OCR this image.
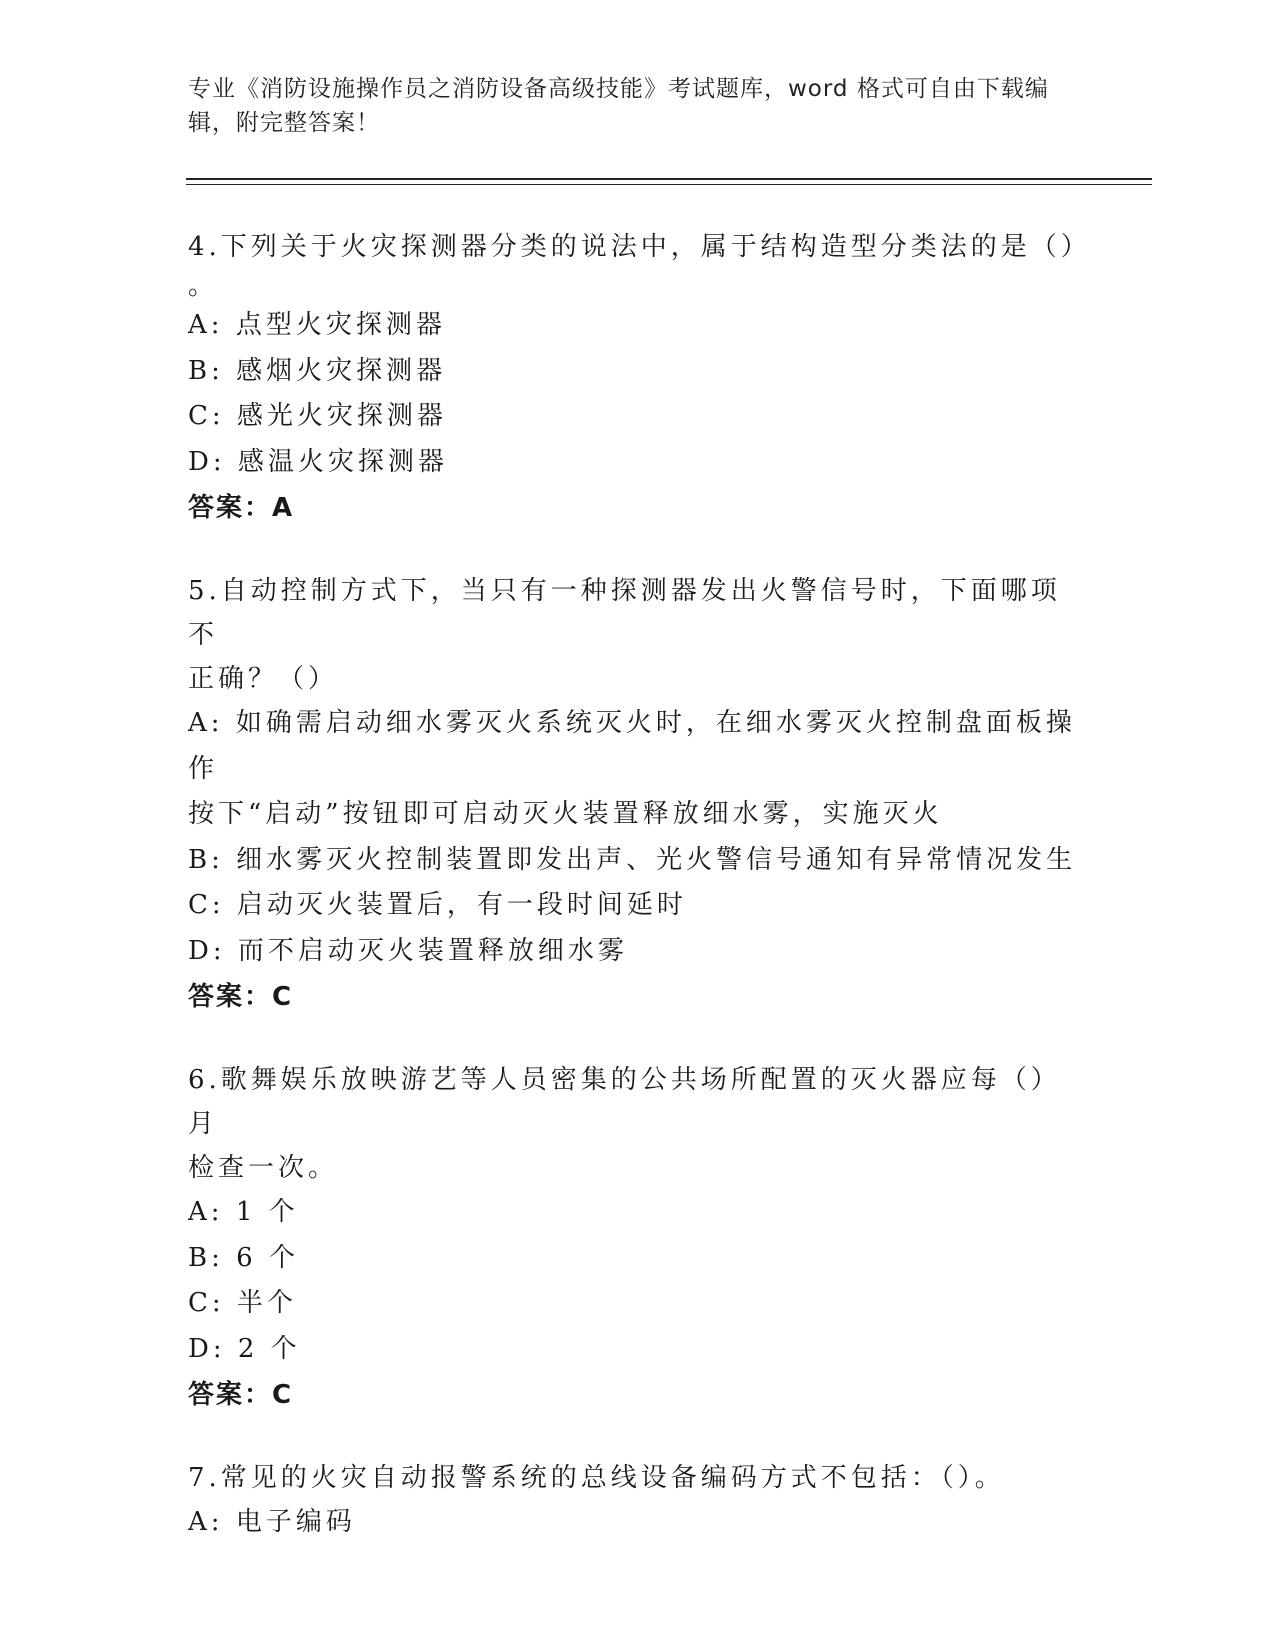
专业《消防设施操作员之消防设备高级技能》考试题库，word 格式可自由下载编
辑，附完整答案！
4.下列关于火灾探测器分类的说法中，属于结构造型分类法的是（）
。
A: 点型火灾探测器
B: 感烟火灾探测器
C: 感光火灾探测器
D: 感温火灾探测器
答案：A
5.自动控制方式下，当只有一种探测器发出火警信号时，下面哪项不
正确？（）
A: 如确需启动细水雾灭火系统灭火时，在细水雾灭火控制盘面板操作
按下“启动”按钮即可启动灭火装置释放细水雾，实施灭火
B: 细水雾灭火控制装置即发出声、光火警信号通知有异常情况发生
C: 启动灭火装置后，有一段时间延时
D: 而不启动灭火装置释放细水雾
答案：C
6.歌舞娱乐放映游艺等人员密集的公共场所配置的灭火器应每（）月
检查一次。
A: 1 个
B: 6 个
C: 半个
D: 2 个
答案：C
7.常见的火灾自动报警系统的总线设备编码方式不包括：（）。
A: 电子编码
